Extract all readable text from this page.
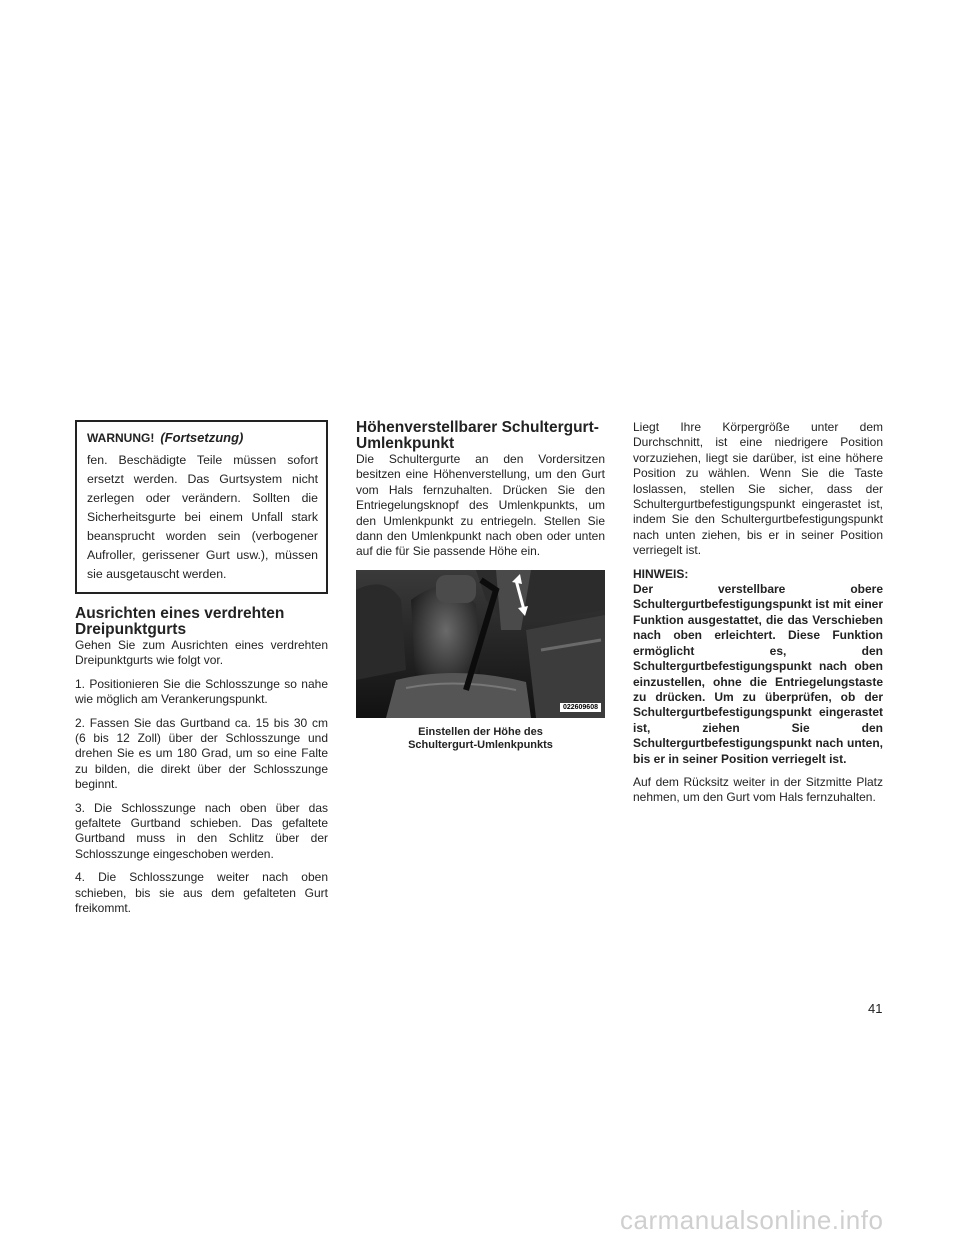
WARNUNG! (Fortsetzung)
fen. Beschädigte Teile müssen sofort ersetzt werden. Das Gurtsystem nicht zerlegen oder verändern. Sollten die Sicherheitsgurte bei einem Unfall stark beansprucht worden sein (verbogener Aufroller, gerissener Gurt usw.), müssen sie ausgetauscht werden.
Ausrichten eines verdrehten Dreipunktgurts

Gehen Sie zum Ausrichten eines verdrehten Dreipunktgurts wie folgt vor.

1. Positionieren Sie die Schlosszunge so nahe wie möglich am Verankerungspunkt.

2. Fassen Sie das Gurtband ca. 15 bis 30 cm (6 bis 12 Zoll) über der Schlosszunge und drehen Sie es um 180 Grad, um so eine Falte zu bilden, die direkt über der Schlosszunge beginnt.

3. Die Schlosszunge nach oben über das gefaltete Gurtband schieben. Das gefaltete Gurtband muss in den Schlitz über der Schlosszunge eingeschoben werden.

4. Die Schlosszunge weiter nach oben schieben, bis sie aus dem gefalteten Gurt freikommt.

Höhenverstellbarer Schultergurt-Umlenkpunkt

Die Schultergurte an den Vordersitzen besitzen eine Höhenverstellung, um den Gurt vom Hals fernzuhalten. Drücken Sie den Entriegelungsknopf des Umlenkpunkts, um den Umlenkpunkt zu entriegeln. Stellen Sie dann den Umlenkpunkt nach oben oder unten auf die für Sie passende Höhe ein.

022609608
Einstellen der Höhe des Schultergurt-Umlenkpunkts

Liegt Ihre Körpergröße unter dem Durchschnitt, ist eine niedrigere Position vorzuziehen, liegt sie darüber, ist eine höhere Position zu wählen. Wenn Sie die Taste loslassen, stellen Sie sicher, dass der Schultergurtbefestigungspunkt eingerastet ist, indem Sie den Schultergurtbefestigungspunkt nach unten ziehen, bis er in seiner Position verriegelt ist.

HINWEIS:

Der verstellbare obere Schultergurtbefestigungspunkt ist mit einer Funktion ausgestattet, die das Verschieben nach oben erleichtert. Diese Funktion ermöglicht es, den Schultergurtbefestigungspunkt nach oben einzustellen, ohne die Entriegelungstaste zu drücken. Um zu überprüfen, ob der Schultergurtbefestigungspunkt eingerastet ist, ziehen Sie den Schultergurtbefestigungspunkt nach unten, bis er in seiner Position verriegelt ist.

Auf dem Rücksitz weiter in der Sitzmitte Platz nehmen, um den Gurt vom Hals fernzuhalten.

41
carmanualsonline.info
